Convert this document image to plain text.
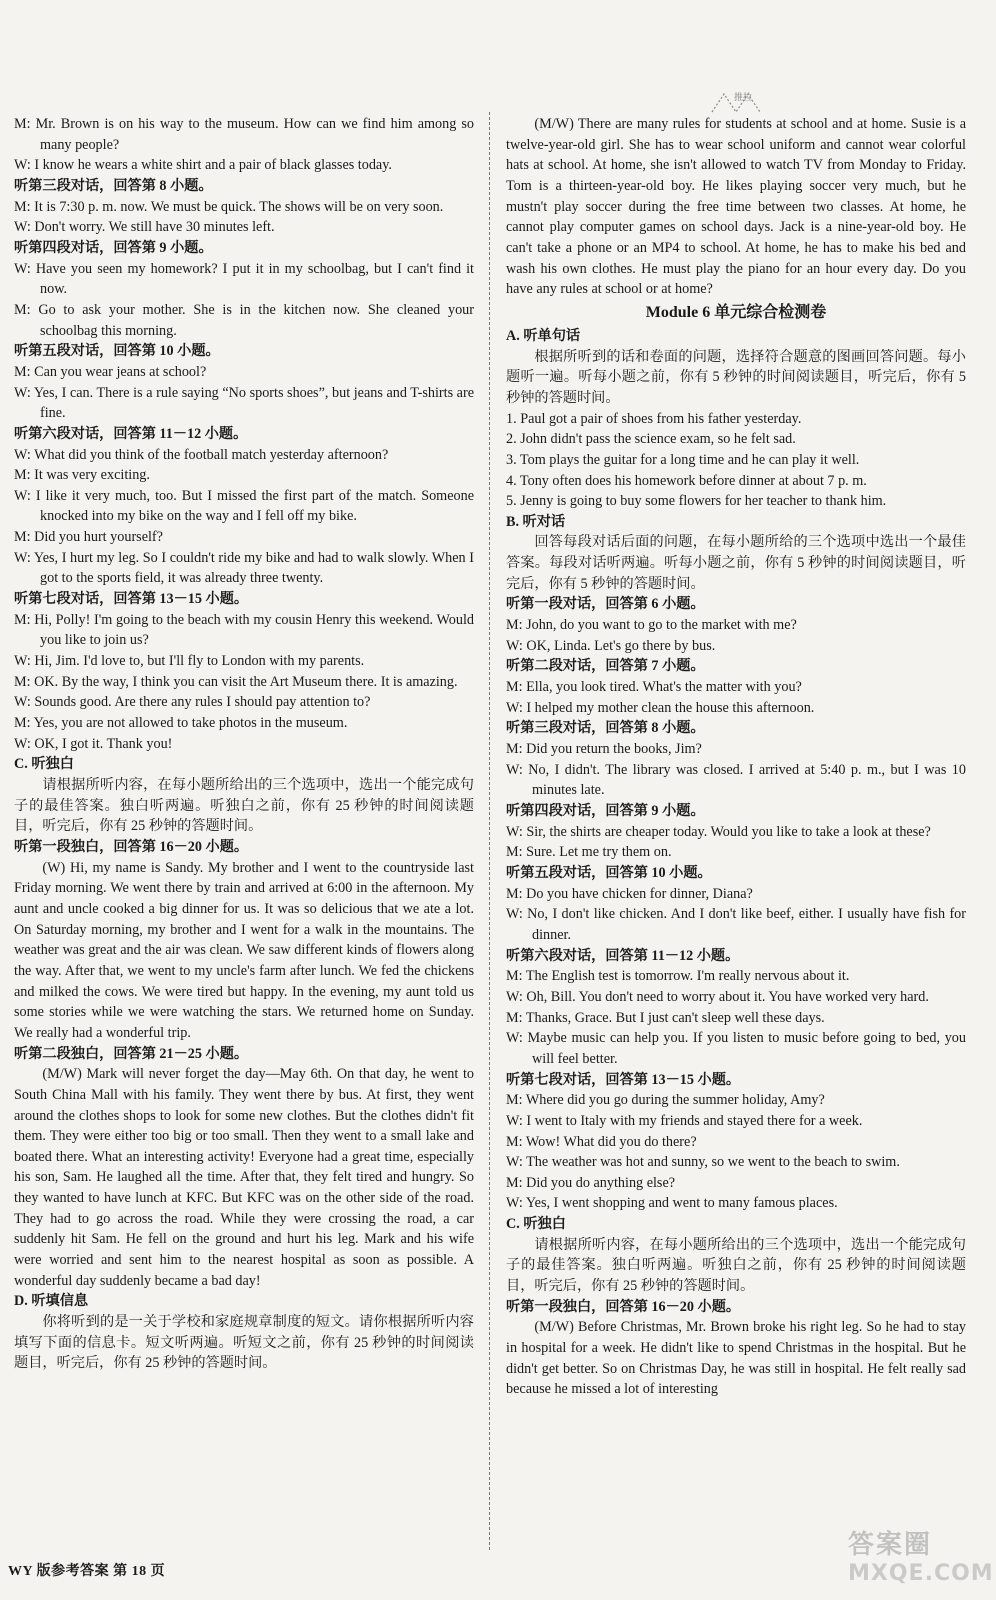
M: Mr. Brown is on his way to the museum. How can we find him among so many people?
W: I know he wears a white shirt and a pair of black glasses today.
听第三段对话，回答第 8 小题。
M: It is 7:30 p. m. now. We must be quick. The shows will be on very soon.
W: Don't worry. We still have 30 minutes left.
听第四段对话，回答第 9 小题。
W: Have you seen my homework? I put it in my schoolbag, but I can't find it now.
M: Go to ask your mother. She is in the kitchen now. She cleaned your schoolbag this morning.
听第五段对话，回答第 10 小题。
M: Can you wear jeans at school?
W: Yes, I can. There is a rule saying “No sports shoes”, but jeans and T-shirts are fine.
听第六段对话，回答第 11－12 小题。
W: What did you think of the football match yesterday afternoon?
M: It was very exciting.
W: I like it very much, too. But I missed the first part of the match. Someone knocked into my bike on the way and I fell off my bike.
M: Did you hurt yourself?
W: Yes, I hurt my leg. So I couldn't ride my bike and had to walk slowly. When I got to the sports field, it was already three twenty.
听第七段对话，回答第 13－15 小题。
M: Hi, Polly! I'm going to the beach with my cousin Henry this weekend. Would you like to join us?
W: Hi, Jim. I'd love to, but I'll fly to London with my parents.
M: OK. By the way, I think you can visit the Art Museum there. It is amazing.
W: Sounds good. Are there any rules I should pay attention to?
M: Yes, you are not allowed to take photos in the museum.
W: OK, I got it. Thank you!
C. 听独白
请根据所听内容，在每小题所给出的三个选项中，选出一个能完成句子的最佳答案。独白听两遍。听独白之前，你有 25 秒钟的时间阅读题目，听完后，你有 25 秒钟的答题时间。
听第一段独白，回答第 16－20 小题。
(W) Hi, my name is Sandy. My brother and I went to the countryside last Friday morning. We went there by train and arrived at 6:00 in the afternoon. My aunt and uncle cooked a big dinner for us. It was so delicious that we ate a lot. On Saturday morning, my brother and I went for a walk in the mountains. The weather was great and the air was clean. We saw different kinds of flowers along the way. After that, we went to my uncle's farm after lunch. We fed the chickens and milked the cows. We were tired but happy. In the evening, my aunt told us some stories while we were watching the stars. We returned home on Sunday. We really had a wonderful trip.
听第二段独白，回答第 21－25 小题。
(M/W) Mark will never forget the day—May 6th. On that day, he went to South China Mall with his family. They went there by bus. At first, they went around the clothes shops to look for some new clothes. But the clothes didn't fit them. They were either too big or too small. Then they went to a small lake and boated there. What an interesting activity! Everyone had a great time, especially his son, Sam. He laughed all the time. After that, they felt tired and hungry. So they wanted to have lunch at KFC. But KFC was on the other side of the road. They had to go across the road. While they were crossing the road, a car suddenly hit Sam. He fell on the ground and hurt his leg. Mark and his wife were worried and sent him to the nearest hospital as soon as possible. A wonderful day suddenly became a bad day!
D. 听填信息
你将听到的是一关于学校和家庭规章制度的短文。请你根据所听内容填写下面的信息卡。短文听两遍。听短文之前，你有 25 秒钟的时间阅读题目，听完后，你有 25 秒钟的答题时间。
(M/W) There are many rules for students at school and at home. Susie is a twelve-year-old girl. She has to wear school uniform and cannot wear colorful hats at school. At home, she isn't allowed to watch TV from Monday to Friday. Tom is a thirteen-year-old boy. He likes playing soccer very much, but he mustn't play soccer during the free time between two classes. At home, he cannot play computer games on school days. Jack is a nine-year-old boy. He can't take a phone or an MP4 to school. At home, he has to make his bed and wash his own clothes. He must play the piano for an hour every day. Do you have any rules at school or at home?
Module 6 单元综合检测卷
A. 听单句话
根据所听到的话和卷面的问题，选择符合题意的图画回答问题。每小题听一遍。听每小题之前，你有 5 秒钟的时间阅读题目，听完后，你有 5 秒钟的答题时间。
1. Paul got a pair of shoes from his father yesterday.
2. John didn't pass the science exam, so he felt sad.
3. Tom plays the guitar for a long time and he can play it well.
4. Tony often does his homework before dinner at about 7 p. m.
5. Jenny is going to buy some flowers for her teacher to thank him.
B. 听对话
回答每段对话后面的问题，在每小题所给的三个选项中选出一个最佳答案。每段对话听两遍。听每小题之前，你有 5 秒钟的时间阅读题目，听完后，你有 5 秒钟的答题时间。
听第一段对话，回答第 6 小题。
M: John, do you want to go to the market with me?
W: OK, Linda. Let's go there by bus.
听第二段对话，回答第 7 小题。
M: Ella, you look tired. What's the matter with you?
W: I helped my mother clean the house this afternoon.
听第三段对话，回答第 8 小题。
M: Did you return the books, Jim?
W: No, I didn't. The library was closed. I arrived at 5:40 p. m., but I was 10 minutes late.
听第四段对话，回答第 9 小题。
W: Sir, the shirts are cheaper today. Would you like to take a look at these?
M: Sure. Let me try them on.
听第五段对话，回答第 10 小题。
M: Do you have chicken for dinner, Diana?
W: No, I don't like chicken. And I don't like beef, either. I usually have fish for dinner.
听第六段对话，回答第 11－12 小题。
M: The English test is tomorrow. I'm really nervous about it.
W: Oh, Bill. You don't need to worry about it. You have worked very hard.
M: Thanks, Grace. But I just can't sleep well these days.
W: Maybe music can help you. If you listen to music before going to bed, you will feel better.
听第七段对话，回答第 13－15 小题。
M: Where did you go during the summer holiday, Amy?
W: I went to Italy with my friends and stayed there for a week.
M: Wow! What did you do there?
W: The weather was hot and sunny, so we went to the beach to swim.
M: Did you do anything else?
W: Yes, I went shopping and went to many famous places.
C. 听独白
请根据所听内容，在每小题所给出的三个选项中，选出一个能完成句子的最佳答案。独白听两遍。听独白之前，你有 25 秒钟的时间阅读题目，听完后，你有 25 秒钟的答题时间。
听第一段独白，回答第 16－20 小题。
(M/W) Before Christmas, Mr. Brown broke his right leg. So he had to stay in hospital for a week. He didn't like to spend Christmas in the hospital. But he didn't get better. So on Christmas Day, he was still in hospital. He felt really sad because he missed a lot of interesting
推拉
WY 版参考答案 第 18 页
答案圈
MXQE.COM
